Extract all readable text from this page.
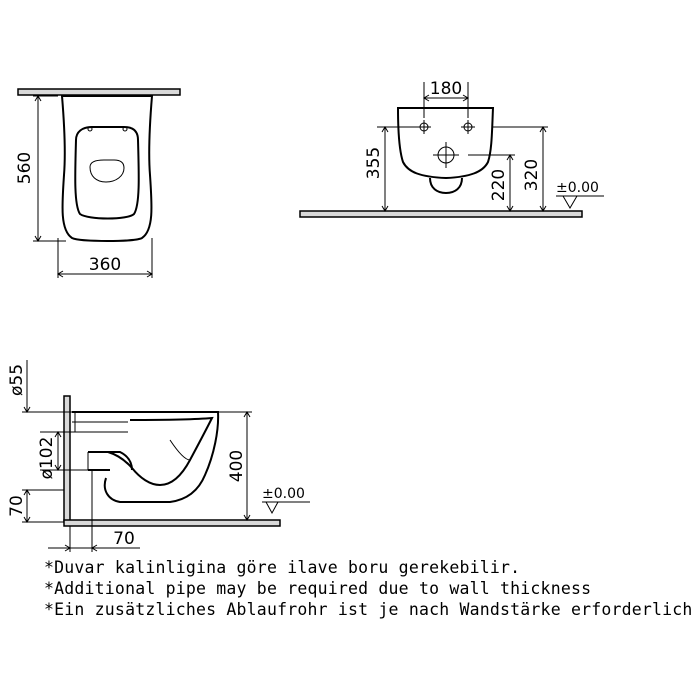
560
360
180
355
220 320 ±0.00
ø55
ø102
70
400
70
±0.00
*Duvar kalinligina göre ilave boru gerekebilir.
*Additional pipe may be required due to wall thickness
*Ein zusätzliches Ablaufrohr ist je nach Wandstärke erforderlich
